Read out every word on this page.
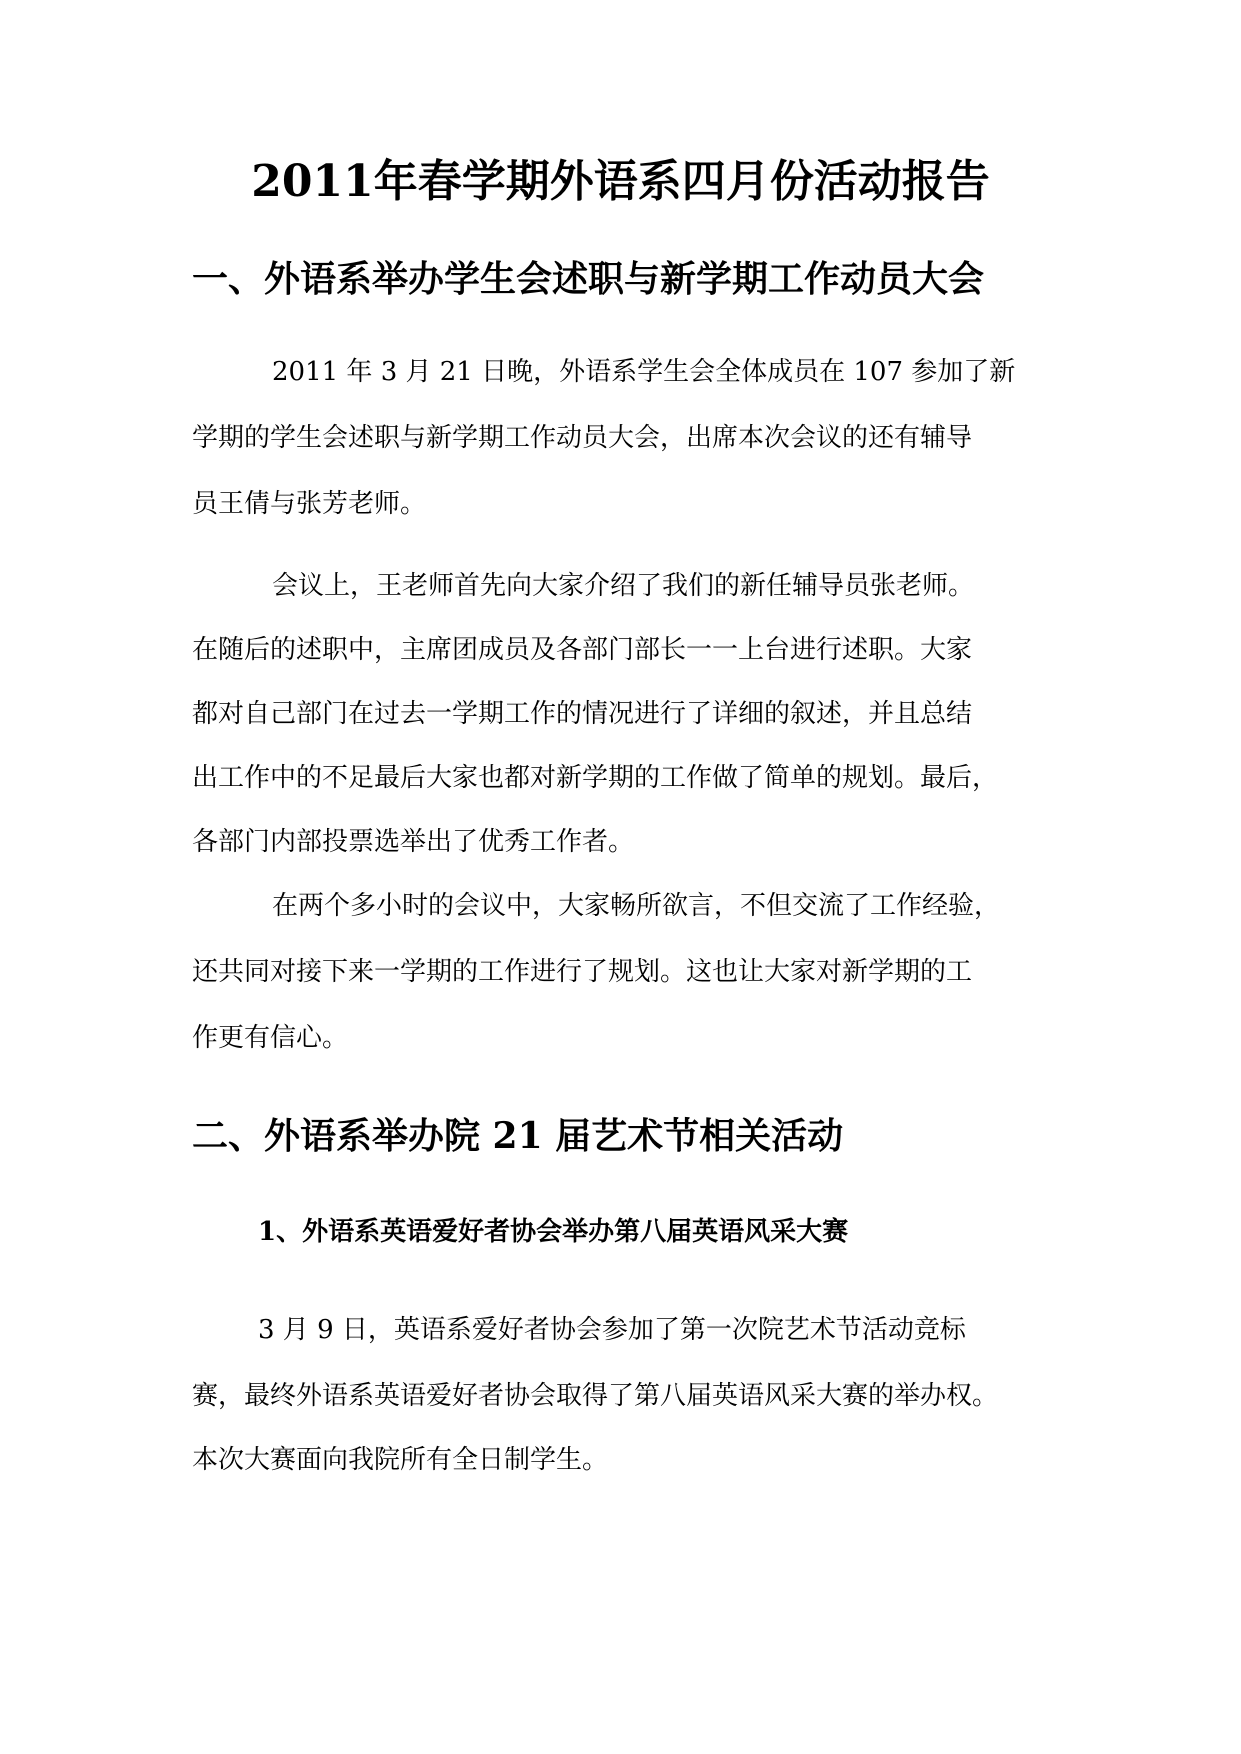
2011年春学期外语系四月份活动报告
一、外语系举办学生会述职与新学期工作动员大会

2011 年 3 月 21 日晚，外语系学生会全体成员在 107 参加了新

学期的学生会述职与新学期工作动员大会，出席本次会议的还有辅导

员王倩与张芳老师。

会议上，王老师首先向大家介绍了我们的新任辅导员张老师。

在随后的述职中，主席团成员及各部门部长一一上台进行述职。大家

都对自己部门在过去一学期工作的情况进行了详细的叙述，并且总结

出工作中的不足最后大家也都对新学期的工作做了简单的规划。最后，

各部门内部投票选举出了优秀工作者。

在两个多小时的会议中，大家畅所欲言，不但交流了工作经验，

还共同对接下来一学期的工作进行了规划。这也让大家对新学期的工

作更有信心。

二、外语系举办院 21 届艺术节相关活动
1、外语系英语爱好者协会举办第八届英语风采大赛

3 月 9 日，英语系爱好者协会参加了第一次院艺术节活动竞标

赛，最终外语系英语爱好者协会取得了第八届英语风采大赛的举办权。

本次大赛面向我院所有全日制学生。
